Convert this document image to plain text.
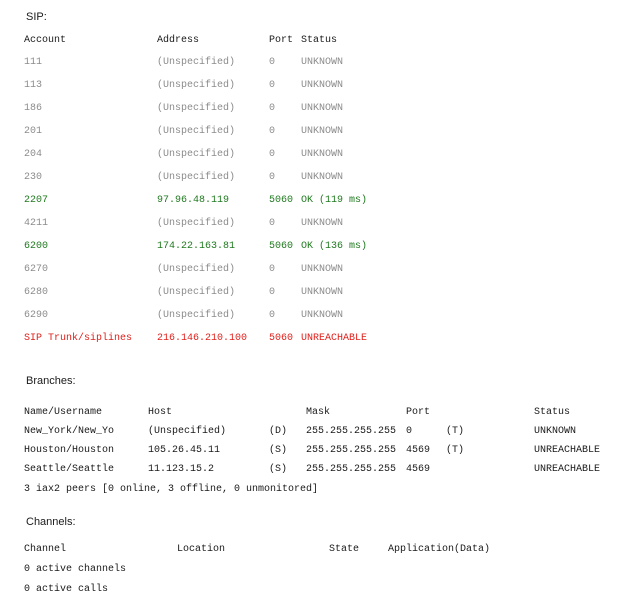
SIP:
Account	Address	Port	Status
111	(Unspecified)	0	UNKNOWN
113	(Unspecified)	0	UNKNOWN
186	(Unspecified)	0	UNKNOWN
201	(Unspecified)	0	UNKNOWN
204	(Unspecified)	0	UNKNOWN
230	(Unspecified)	0	UNKNOWN
2207	97.96.48.119	5060	OK (119 ms)
4211	(Unspecified)	0	UNKNOWN
6200	174.22.163.81	5060	OK (136 ms)
6270	(Unspecified)	0	UNKNOWN
6280	(Unspecified)	0	UNKNOWN
6290	(Unspecified)	0	UNKNOWN
SIP Trunk/siplines	216.146.210.100	5060	UNREACHABLE
Branches:
Name/Username	Host		Mask	Port		Status
New_York/New_Yo	(Unspecified)	(D)	255.255.255.255	0	(T)	UNKNOWN
Houston/Houston	105.26.45.11	(S)	255.255.255.255	4569	(T)	UNREACHABLE
Seattle/Seattle	11.123.15.2	(S)	255.255.255.255	4569		UNREACHABLE
3 iax2 peers [0 online, 3 offline, 0 unmonitored]
Channels:
Channel	Location	State	Application(Data)
0 active channels
0 active calls
